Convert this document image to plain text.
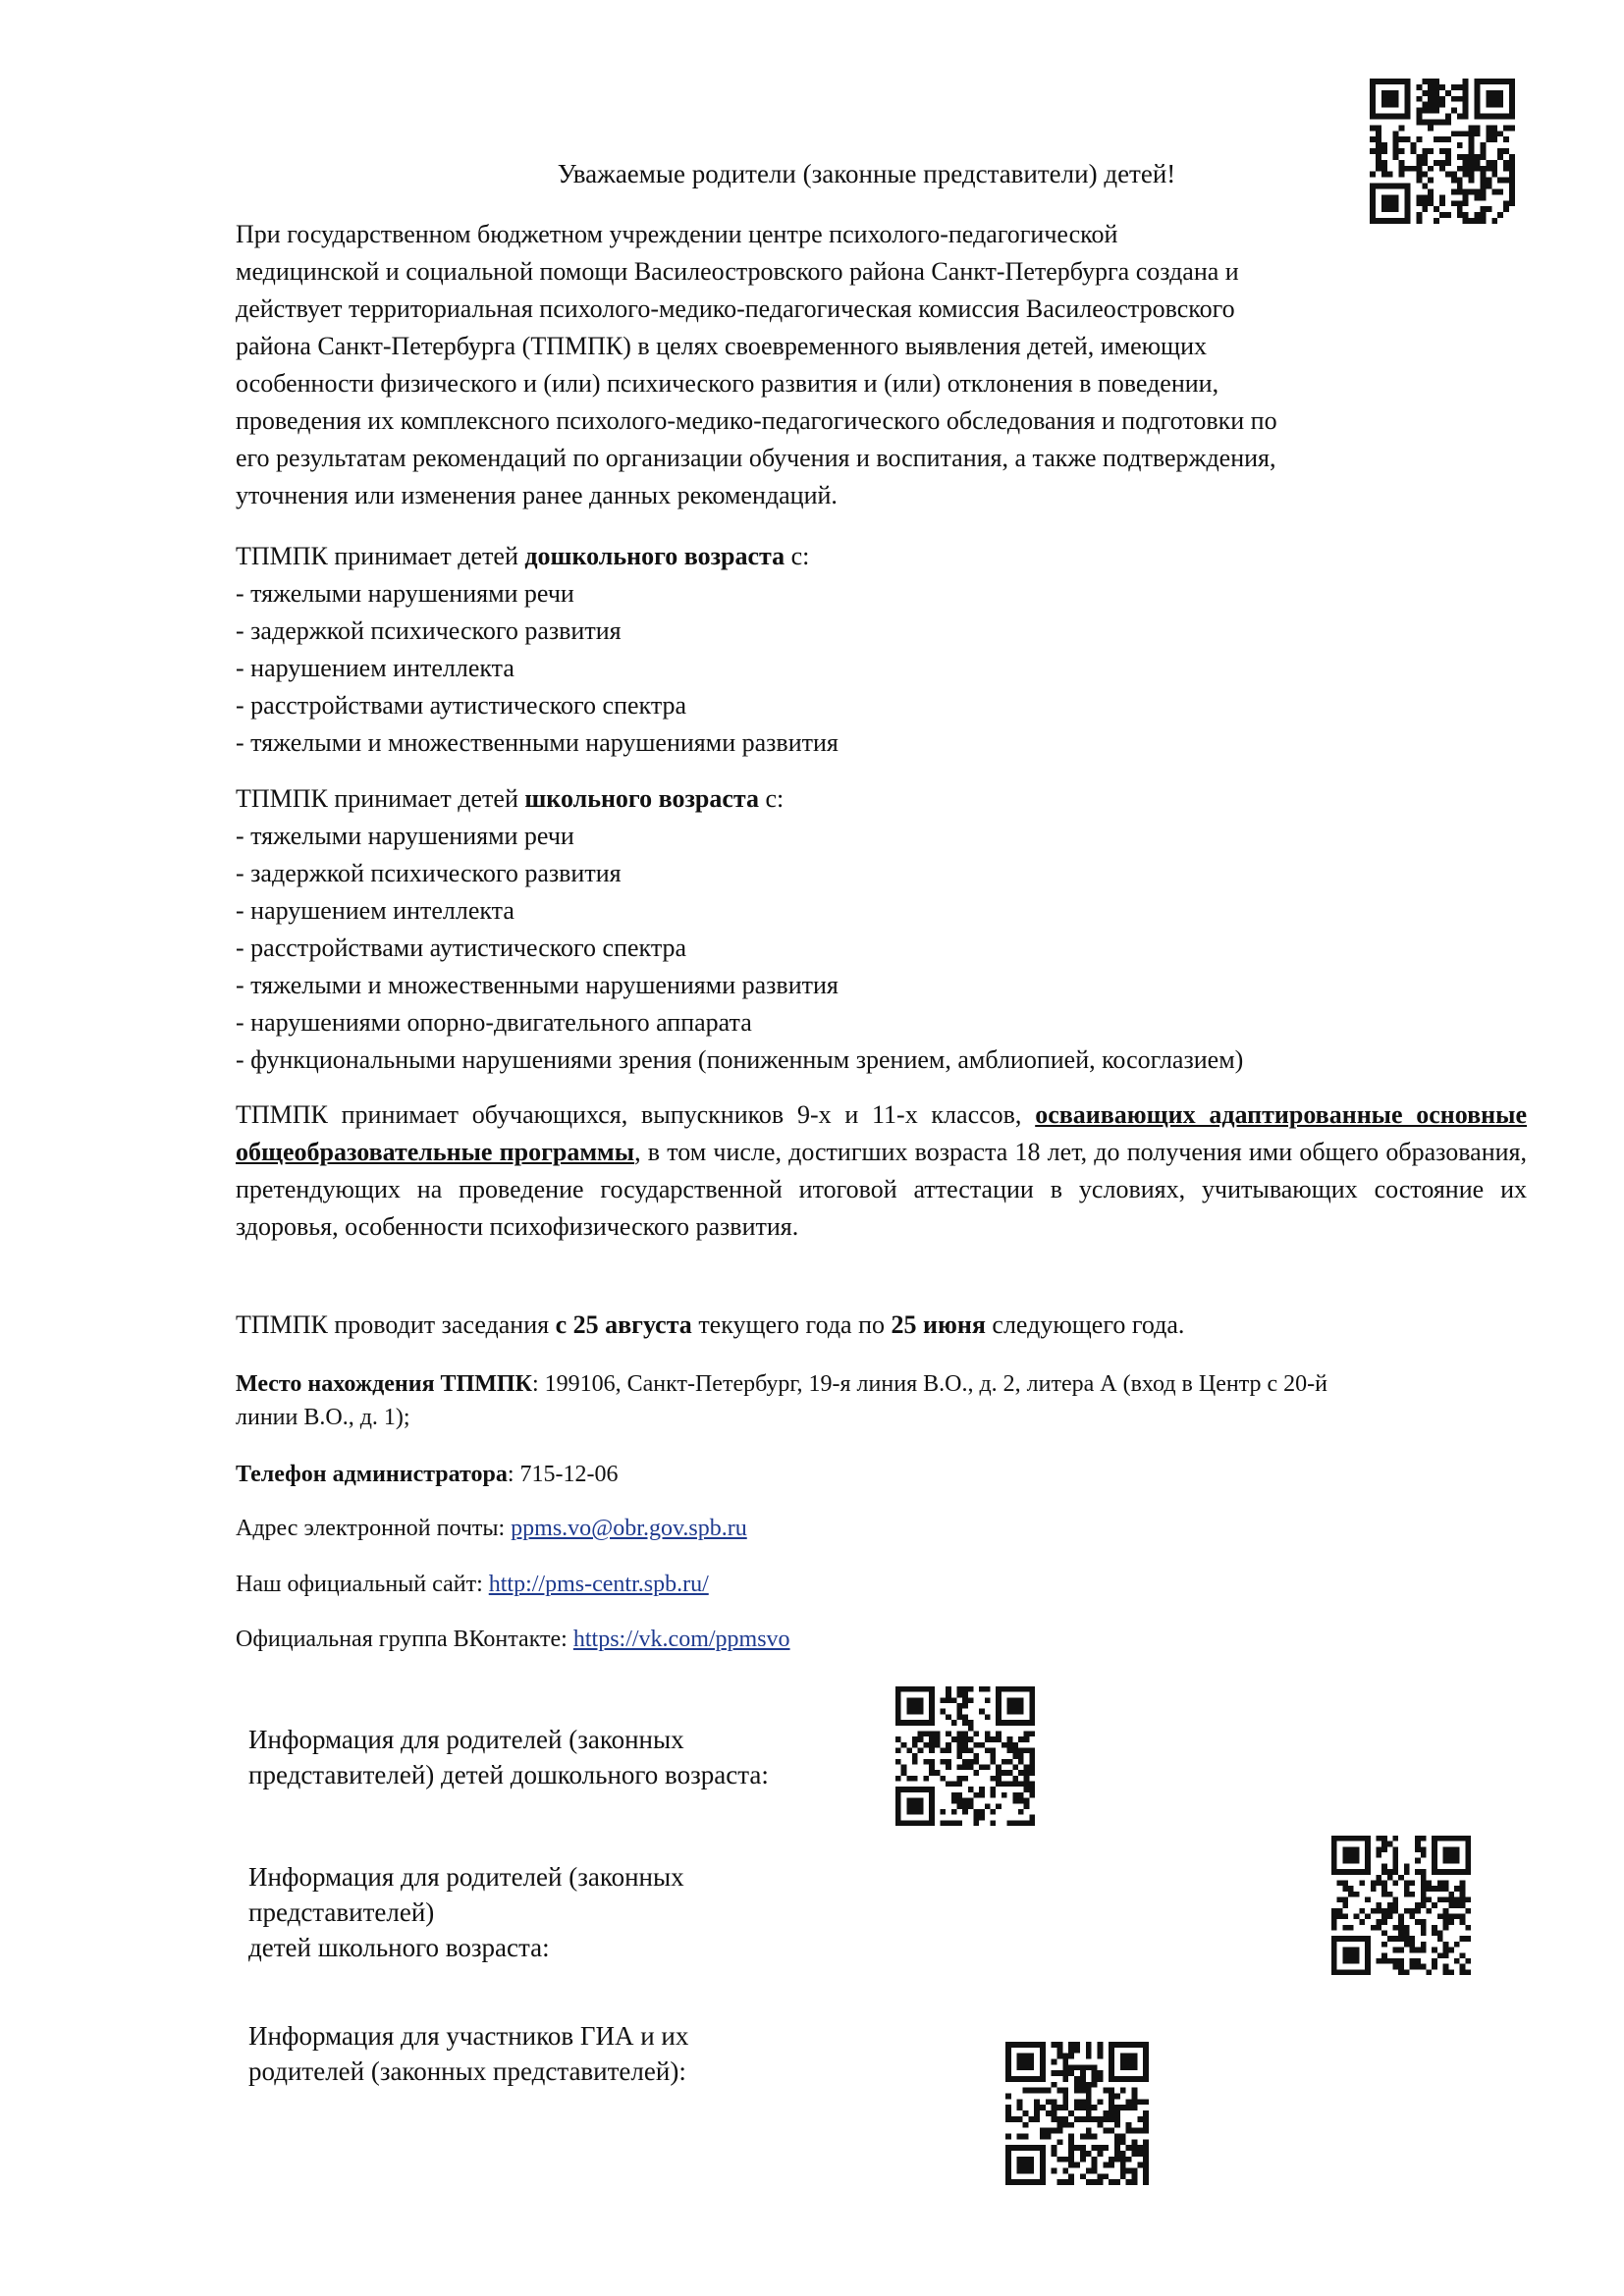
Уважаемые родители (законные представители) детей!
При государственном бюджетном учреждении центре психолого-педагогической
медицинской и социальной помощи Василеостровского района Санкт-Петербурга создана и
действует территориальная психолого-медико-педагогическая комиссия Василеостровского
района Санкт-Петербурга (ТПМПК) в целях своевременного выявления детей, имеющих
особенности физического и (или) психического развития и (или) отклонения в поведении,
проведения их комплексного психолого-медико-педагогического обследования и подготовки по
его результатам рекомендаций по организации обучения и воспитания, а также подтверждения,
уточнения или изменения ранее данных рекомендаций.
ТПМПК принимает детей дошкольного возраста с:
- тяжелыми нарушениями речи
- задержкой психического развития
- нарушением интеллекта
- расстройствами аутистического спектра
- тяжелыми и множественными нарушениями развития
ТПМПК принимает детей школьного возраста с:
- тяжелыми нарушениями речи
- задержкой психического развития
- нарушением интеллекта
- расстройствами аутистического спектра
- тяжелыми и множественными нарушениями развития
- нарушениями опорно-двигательного аппарата
- функциональными нарушениями зрения (пониженным зрением, амблиопией, косоглазием)
ТПМПК принимает обучающихся, выпускников 9-х и 11-х классов, осваивающих адаптированные основные общеобразовательные программы, в том числе, достигших возраста 18 лет, до получения ими общего образования, претендующих на проведение государственной итоговой аттестации в условиях, учитывающих состояние их здоровья, особенности психофизического развития.
ТПМПК проводит заседания с 25 августа текущего года по 25 июня следующего года.
Место нахождения ТПМПК: 199106, Санкт-Петербург, 19-я линия В.О., д. 2, литера А (вход в Центр с 20-й
линии В.О., д. 1);
Телефон администратора: 715-12-06
Адрес электронной почты: ppms.vo@obr.gov.spb.ru
Наш официальный сайт: http://pms-centr.spb.ru/
Официальная группа ВКонтакте: https://vk.com/ppmsvo
Информация для родителей (законных
представителей) детей дошкольного возраста:
Информация для родителей (законных
представителей)
детей школьного возраста:
Информация для участников ГИА и их
родителей (законных представителей):
